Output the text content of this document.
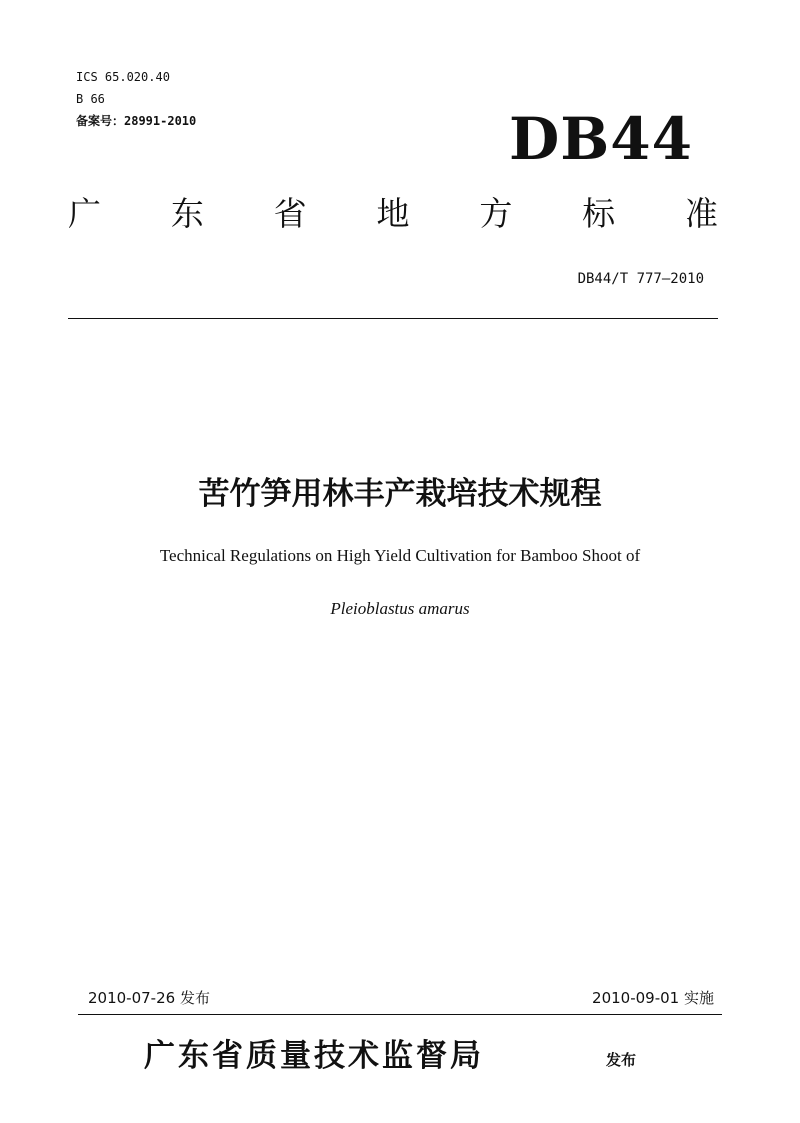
ICS 65.020.40
B 66
备案号：28991-2010	DB44
广 东 省 地 方 标 准
DB44/T 777—2010
苦竹笋用林丰产栽培技术规程
Technical Regulations on High Yield Cultivation for Bamboo Shoot of
Pleioblastus amarus
2010-07-26 发布	2010-09-01 实施
广东省质量技术监督局	发布
